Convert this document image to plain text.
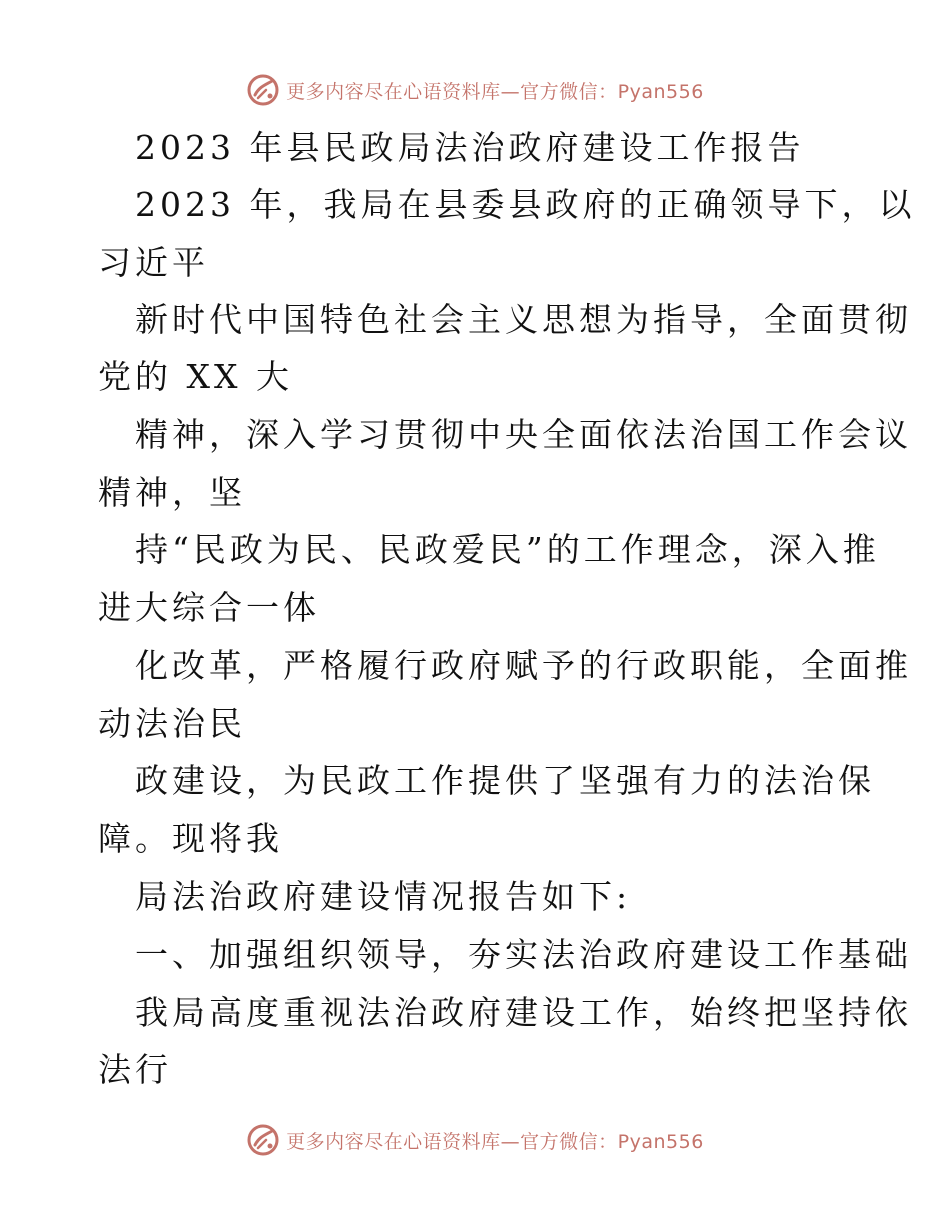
更多内容尽在心语资料库—官方微信：Pyan556
2023 年县民政局法治政府建设工作报告
2023 年，我局在县委县政府的正确领导下，以
习近平
新时代中国特色社会主义思想为指导，全面贯彻
党的 XX 大
精神，深入学习贯彻中央全面依法治国工作会议
精神，坚
持“民政为民、民政爱民”的工作理念，深入推
进大综合一体
化改革，严格履行政府赋予的行政职能，全面推
动法治民
政建设，为民政工作提供了坚强有力的法治保
障。现将我
局法治政府建设情况报告如下:
一、加强组织领导，夯实法治政府建设工作基础
我局高度重视法治政府建设工作，始终把坚持依
法行
更多内容尽在心语资料库—官方微信：Pyan556
